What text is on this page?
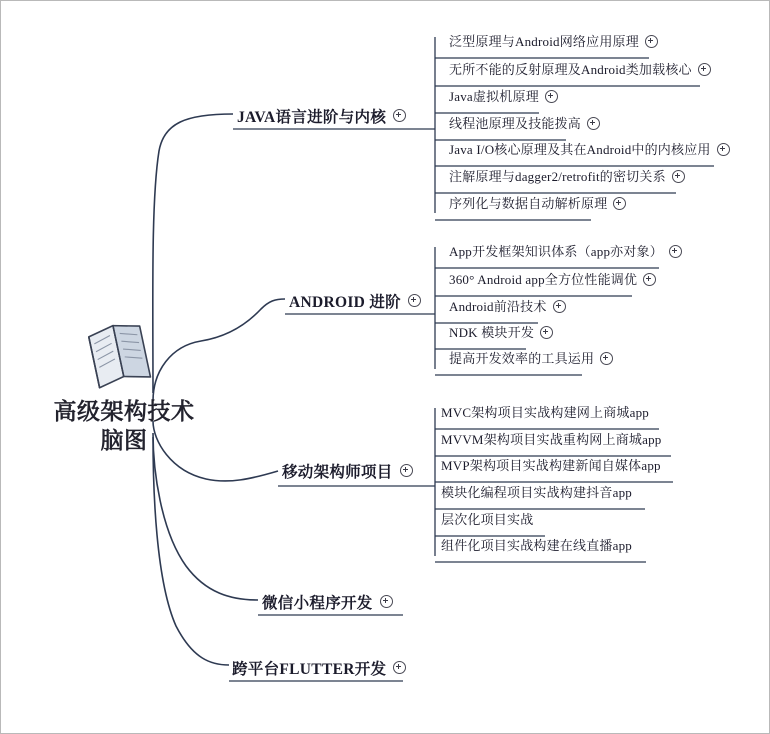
高级架构技术
脑图
JAVA语言进阶与内核
泛型原理与Android网络应用原理
无所不能的反射原理及Android类加载核心
Java虚拟机原理
线程池原理及技能拨高
Java I/O核心原理及其在Android中的内核应用
注解原理与dagger2/retrofit的密切关系
序列化与数据自动解析原理
ANDROID 进阶
App开发框架知识体系（app亦对象）
360° Android app全方位性能调优
Android前沿技术
NDK 模块开发
提高开发效率的工具运用
移动架构师项目
MVC架构项目实战构建网上商城app
MVVM架构项目实战重构网上商城app
MVP架构项目实战构建新闻自媒体app
模块化编程项目实战构建抖音app
层次化项目实战
组件化项目实战构建在线直播app
微信小程序开发
跨平台FLUTTER开发
